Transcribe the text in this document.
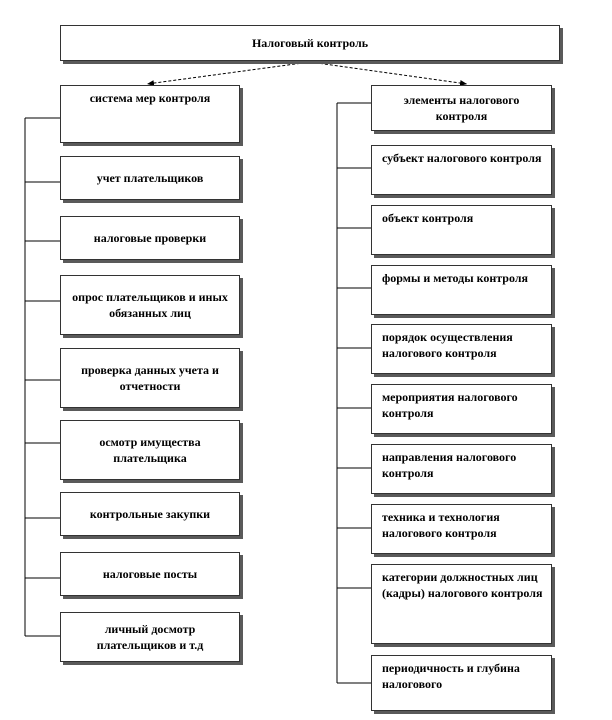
Налоговый контроль
система мер контроля
учет плательщиков
налоговые проверки
опрос плательщиков и иных обязанных лиц
проверка данных учета и отчетности
осмотр имущества плательщика
контрольные закупки
налоговые посты
личный досмотр плательщиков и т.д
элементы налогового контроля
субъект налогового контроля
объект контроля
формы и методы контроля
порядок осуществления налогового контроля
мероприятия налогового контроля
направления налогового контроля
техника и технология налогового контроля
категории должностных лиц (кадры) налогового контроля
периодичность и глубина налогового
